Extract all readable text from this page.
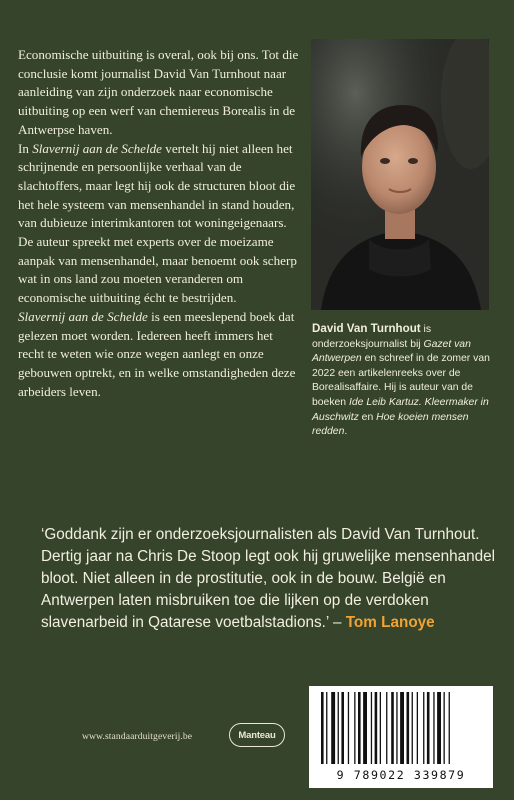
Economische uitbuiting is overal, ook bij ons. Tot die conclusie komt journalist David Van Turnhout naar aanleiding van zijn onderzoek naar economische uitbuiting op een werf van chemiereus Borealis in de Antwerpse haven.

In Slavernij aan de Schelde vertelt hij niet alleen het schrijnende en persoonlijke verhaal van de slachtoffers, maar legt hij ook de structuren bloot die het hele systeem van mensenhandel in stand houden, van dubieuze interimkantoren tot woningeigenaars.

De auteur spreekt met experts over de moeizame aanpak van mensenhandel, maar benoemt ook scherp wat in ons land zou moeten veranderen om economische uitbuiting écht te bestrijden.

Slavernij aan de Schelde is een meeslepend boek dat gelezen moet worden. Iedereen heeft immers het recht te weten wie onze wegen aanlegt en onze gebouwen optrekt, en in welke omstandigheden deze arbeiders leven.

David Van Turnhout is onderzoeksjournalist bij Gazet van Antwerpen en schreef in de zomer van 2022 een artikelenreeks over de Borealisaffaire. Hij is auteur van de boeken Ide Leib Kartuz. Kleermaker in Auschwitz en Hoe koeien mensen redden.
‘Goddank zijn er onderzoeksjournalisten als David Van Turnhout. Dertig jaar na Chris De Stoop legt ook hij gruwelijke mensenhandel bloot. Niet alleen in de prostitutie, ook in de bouw. België en Antwerpen laten misbruiken toe die lijken op de verdoken slavenarbeid in Qatarese voetbalstadions.’ – Tom Lanoye
www.standaarduitgeverij.be	Manteau
9 789022 339879
